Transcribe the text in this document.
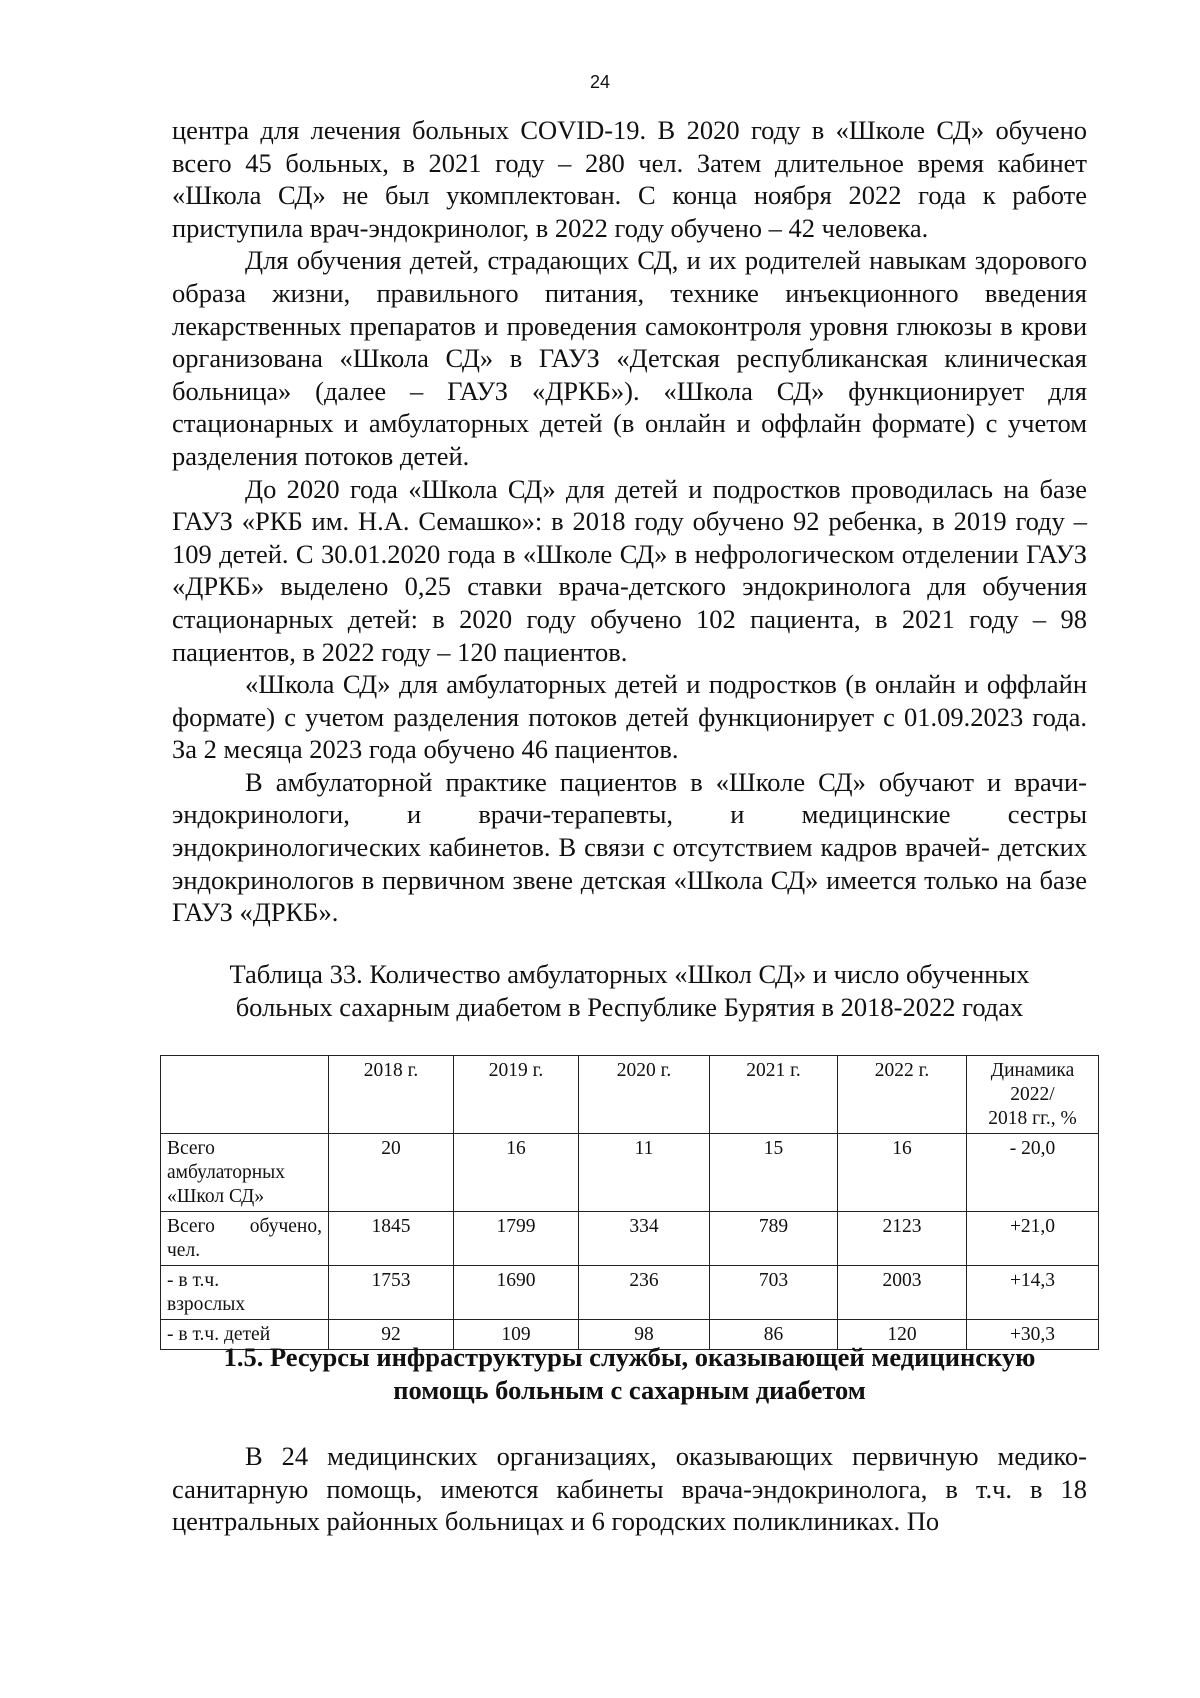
24

центра для лечения больных COVID-19. В 2020 году в «Школе СД» обучено всего 45 больных, в 2021 году – 280 чел. Затем длительное время кабинет «Школа СД» не был укомплектован. С конца ноября 2022 года к работе приступила врач-эндокринолог, в 2022 году обучено – 42 человека.

Для обучения детей, страдающих СД, и их родителей навыкам здорового образа жизни, правильного питания, технике инъекционного введения лекарственных препаратов и проведения самоконтроля уровня глюкозы в крови организована «Школа СД» в ГАУЗ «Детская республиканская клиническая больница» (далее – ГАУЗ «ДРКБ»). «Школа СД» функционирует для стационарных и амбулаторных детей (в онлайн и оффлайн формате) с учетом разделения потоков детей.

До 2020 года «Школа СД» для детей и подростков проводилась на базе ГАУЗ «РКБ им. Н.А. Семашко»: в 2018 году обучено 92 ребенка, в 2019 году – 109 детей. С 30.01.2020 года в «Школе СД» в нефрологическом отделении ГАУЗ «ДРКБ» выделено 0,25 ставки врача-детского эндокринолога для обучения стационарных детей: в 2020 году обучено 102 пациента, в 2021 году – 98 пациентов, в 2022 году – 120 пациентов.

«Школа СД» для амбулаторных детей и подростков (в онлайн и оффлайн формате) с учетом разделения потоков детей функционирует с 01.09.2023 года. За 2 месяца 2023 года обучено 46 пациентов.

В амбулаторной практике пациентов в «Школе СД» обучают и врачи-эндокринологи, и врачи-терапевты, и медицинские сестры эндокринологических кабинетов. В связи с отсутствием кадров врачей- детских эндокринологов в первичном звене детская «Школа СД» имеется только на базе ГАУЗ «ДРКБ».

Таблица 33. Количество амбулаторных «Школ СД» и число обученных
больных сахарным диабетом в Республике Бурятия в 2018-2022 годах

	2018 г.	2019 г.	2020 г.	2021 г.	2022 г.	Динамика
2022/
2018 гг., %
Всего
амбулаторных
«Школ СД»	20	16	11	15	16	- 20,0

Всего обучено,
чел.	1845	1799	334	789	2123	+21,0
- в т.ч.
взрослых	1753	1690	236	703	2003	+14,3
- в т.ч. детей	92	109	98	86	120	+30,3

1.5. Ресурсы инфраструктуры службы, оказывающей медицинскую
помощь больным с сахарным диабетом

В 24 медицинских организациях, оказывающих первичную медико- санитарную помощь, имеются кабинеты врача-эндокринолога, в т.ч. в 18 центральных районных больницах и 6 городских поликлиниках. По
